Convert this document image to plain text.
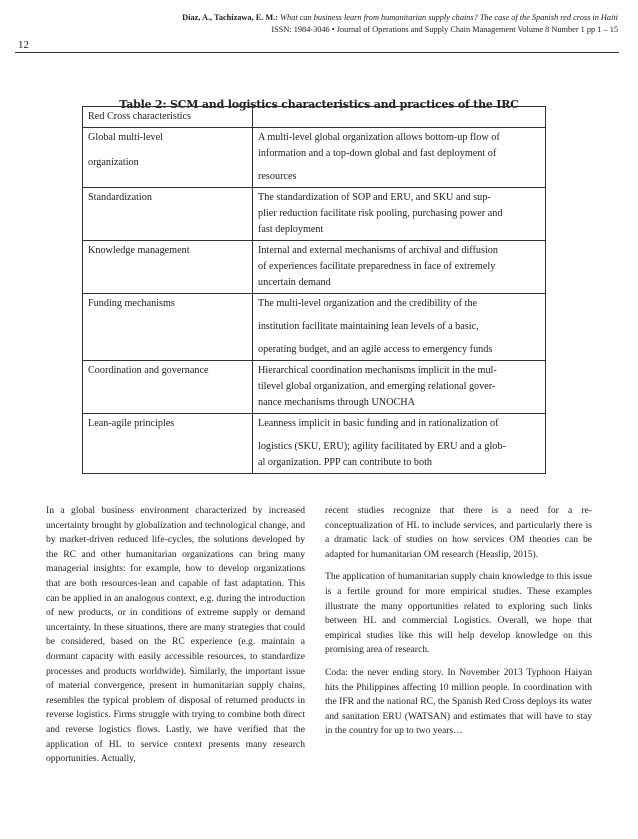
Díaz, A., Tachizawa, E. M.: What can business learn from humanitarian supply chains? The case of the Spanish red cross in Haiti
ISSN: 1984-3046 • Journal of Operations and Supply Chain Management Volume 8 Number 1 pp 1 – 15
12
Table 2: SCM and logistics characteristics and practices of the IRC
Red Cross characteristics	

Global multi-level
organization	A multi-level global organization allows bottom-up flow of
information and a top-down global and fast deployment of
resources

Standardization	The standardization of SOP and ERU, and SKU and sup-
plier reduction facilitate risk pooling, purchasing power and
fast deployment

Knowledge management	Internal and external mechanisms of archival and diffusion
of experiences facilitate preparedness in face of extremely
uncertain demand

Funding mechanisms	The multi-level organization and the credibility of the
institution facilitate maintaining lean levels of a basic,
operating budget, and an agile access to emergency funds

Coordination and governance	Hierarchical coordination mechanisms implicit in the mul-
tilevel global organization, and emerging relational gover-
nance mechanisms through UNOCHA

Lean-agile principles	Leanness implicit in basic funding and in rationalization of
logistics (SKU, ERU); agility facilitated by ERU and a glob-
al organization. PPP can contribute to both

In a global business environment characterized by increased uncertainty brought by globalization and technological change, and by market-driven reduced life-cycles, the solutions developed by the RC and other humanitarian organizations can bring many managerial insights: for example, how to develop organizations that are both resources-lean and capable of fast adaptation. This can be applied in an analogous context, e.g. during the introduction of new products, or in conditions of extreme supply or demand uncertainty. In these situations, there are many strategies that could be considered, based on the RC experience (e.g. maintain a dormant capacity with easily accessible resources, to standardize processes and products worldwide). Similarly, the important issue of material convergence, present in humanitarian supply chains, resembles the typical problem of disposal of returned products in reverse logistics. Firms struggle with trying to combine both direct and reverse logistics flows. Lastly, we have verified that the application of HL to service context presents many research opportunities. Actually,

recent studies recognize that there is a need for a re-conceptualization of HL to include services, and particularly there is a dramatic lack of studies on how services OM theories can be adapted for humanitarian OM research (Heaslip, 2015).

The application of humanitarian supply chain knowledge to this issue is a fertile ground for more empirical studies. These examples illustrate the many opportunities related to exploring such links between HL and commercial Logistics. Overall, we hope that empirical studies like this will help develop knowledge on this promising area of research.

Coda: the never ending story. In November 2013 Typhoon Haiyan hits the Philippines affecting 10 million people. In coordination with the IFR and the national RC, the Spanish Red Cross deploys its water and sanitation ERU (WATSAN) and estimates that will have to stay in the country for up to two years…
